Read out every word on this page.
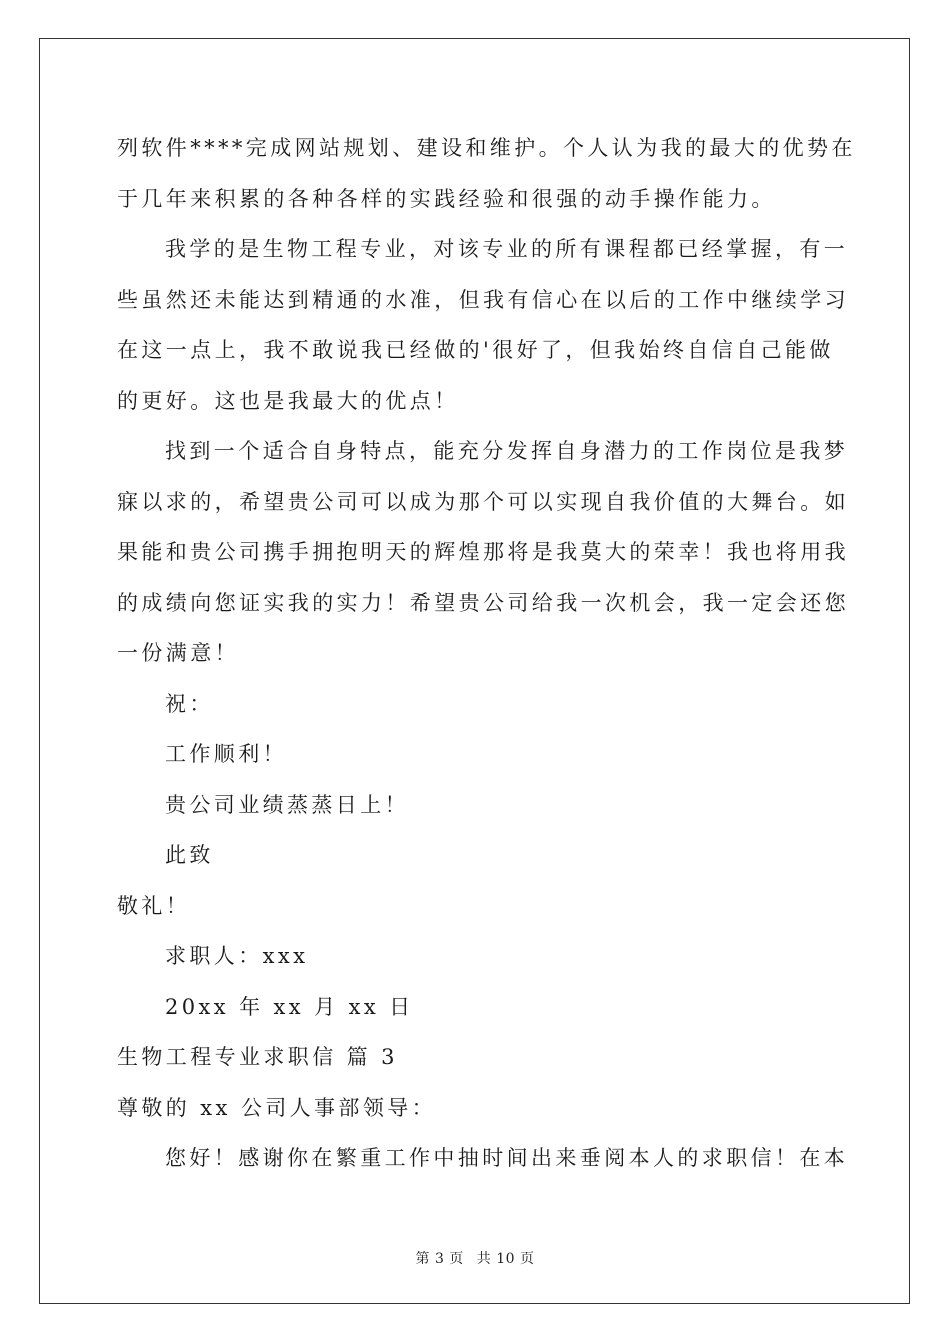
列软件****完成网站规划、建设和维护。个人认为我的最大的优势在
于几年来积累的各种各样的实践经验和很强的动手操作能力。
我学的是生物工程专业，对该专业的所有课程都已经掌握，有一
些虽然还未能达到精通的水准，但我有信心在以后的工作中继续学习
在这一点上，我不敢说我已经做的'很好了，但我始终自信自己能做
的更好。这也是我最大的优点！
找到一个适合自身特点，能充分发挥自身潜力的工作岗位是我梦
寐以求的，希望贵公司可以成为那个可以实现自我价值的大舞台。如
果能和贵公司携手拥抱明天的辉煌那将是我莫大的荣幸！我也将用我
的成绩向您证实我的实力！希望贵公司给我一次机会，我一定会还您
一份满意！
祝：
工作顺利！
贵公司业绩蒸蒸日上！
此致
敬礼！
求职人：xxx
20xx 年 xx 月 xx 日
生物工程专业求职信 篇 3
尊敬的 xx 公司人事部领导：
您好！感谢你在繁重工作中抽时间出来垂阅本人的求职信！在本
第 3 页 共 10 页
